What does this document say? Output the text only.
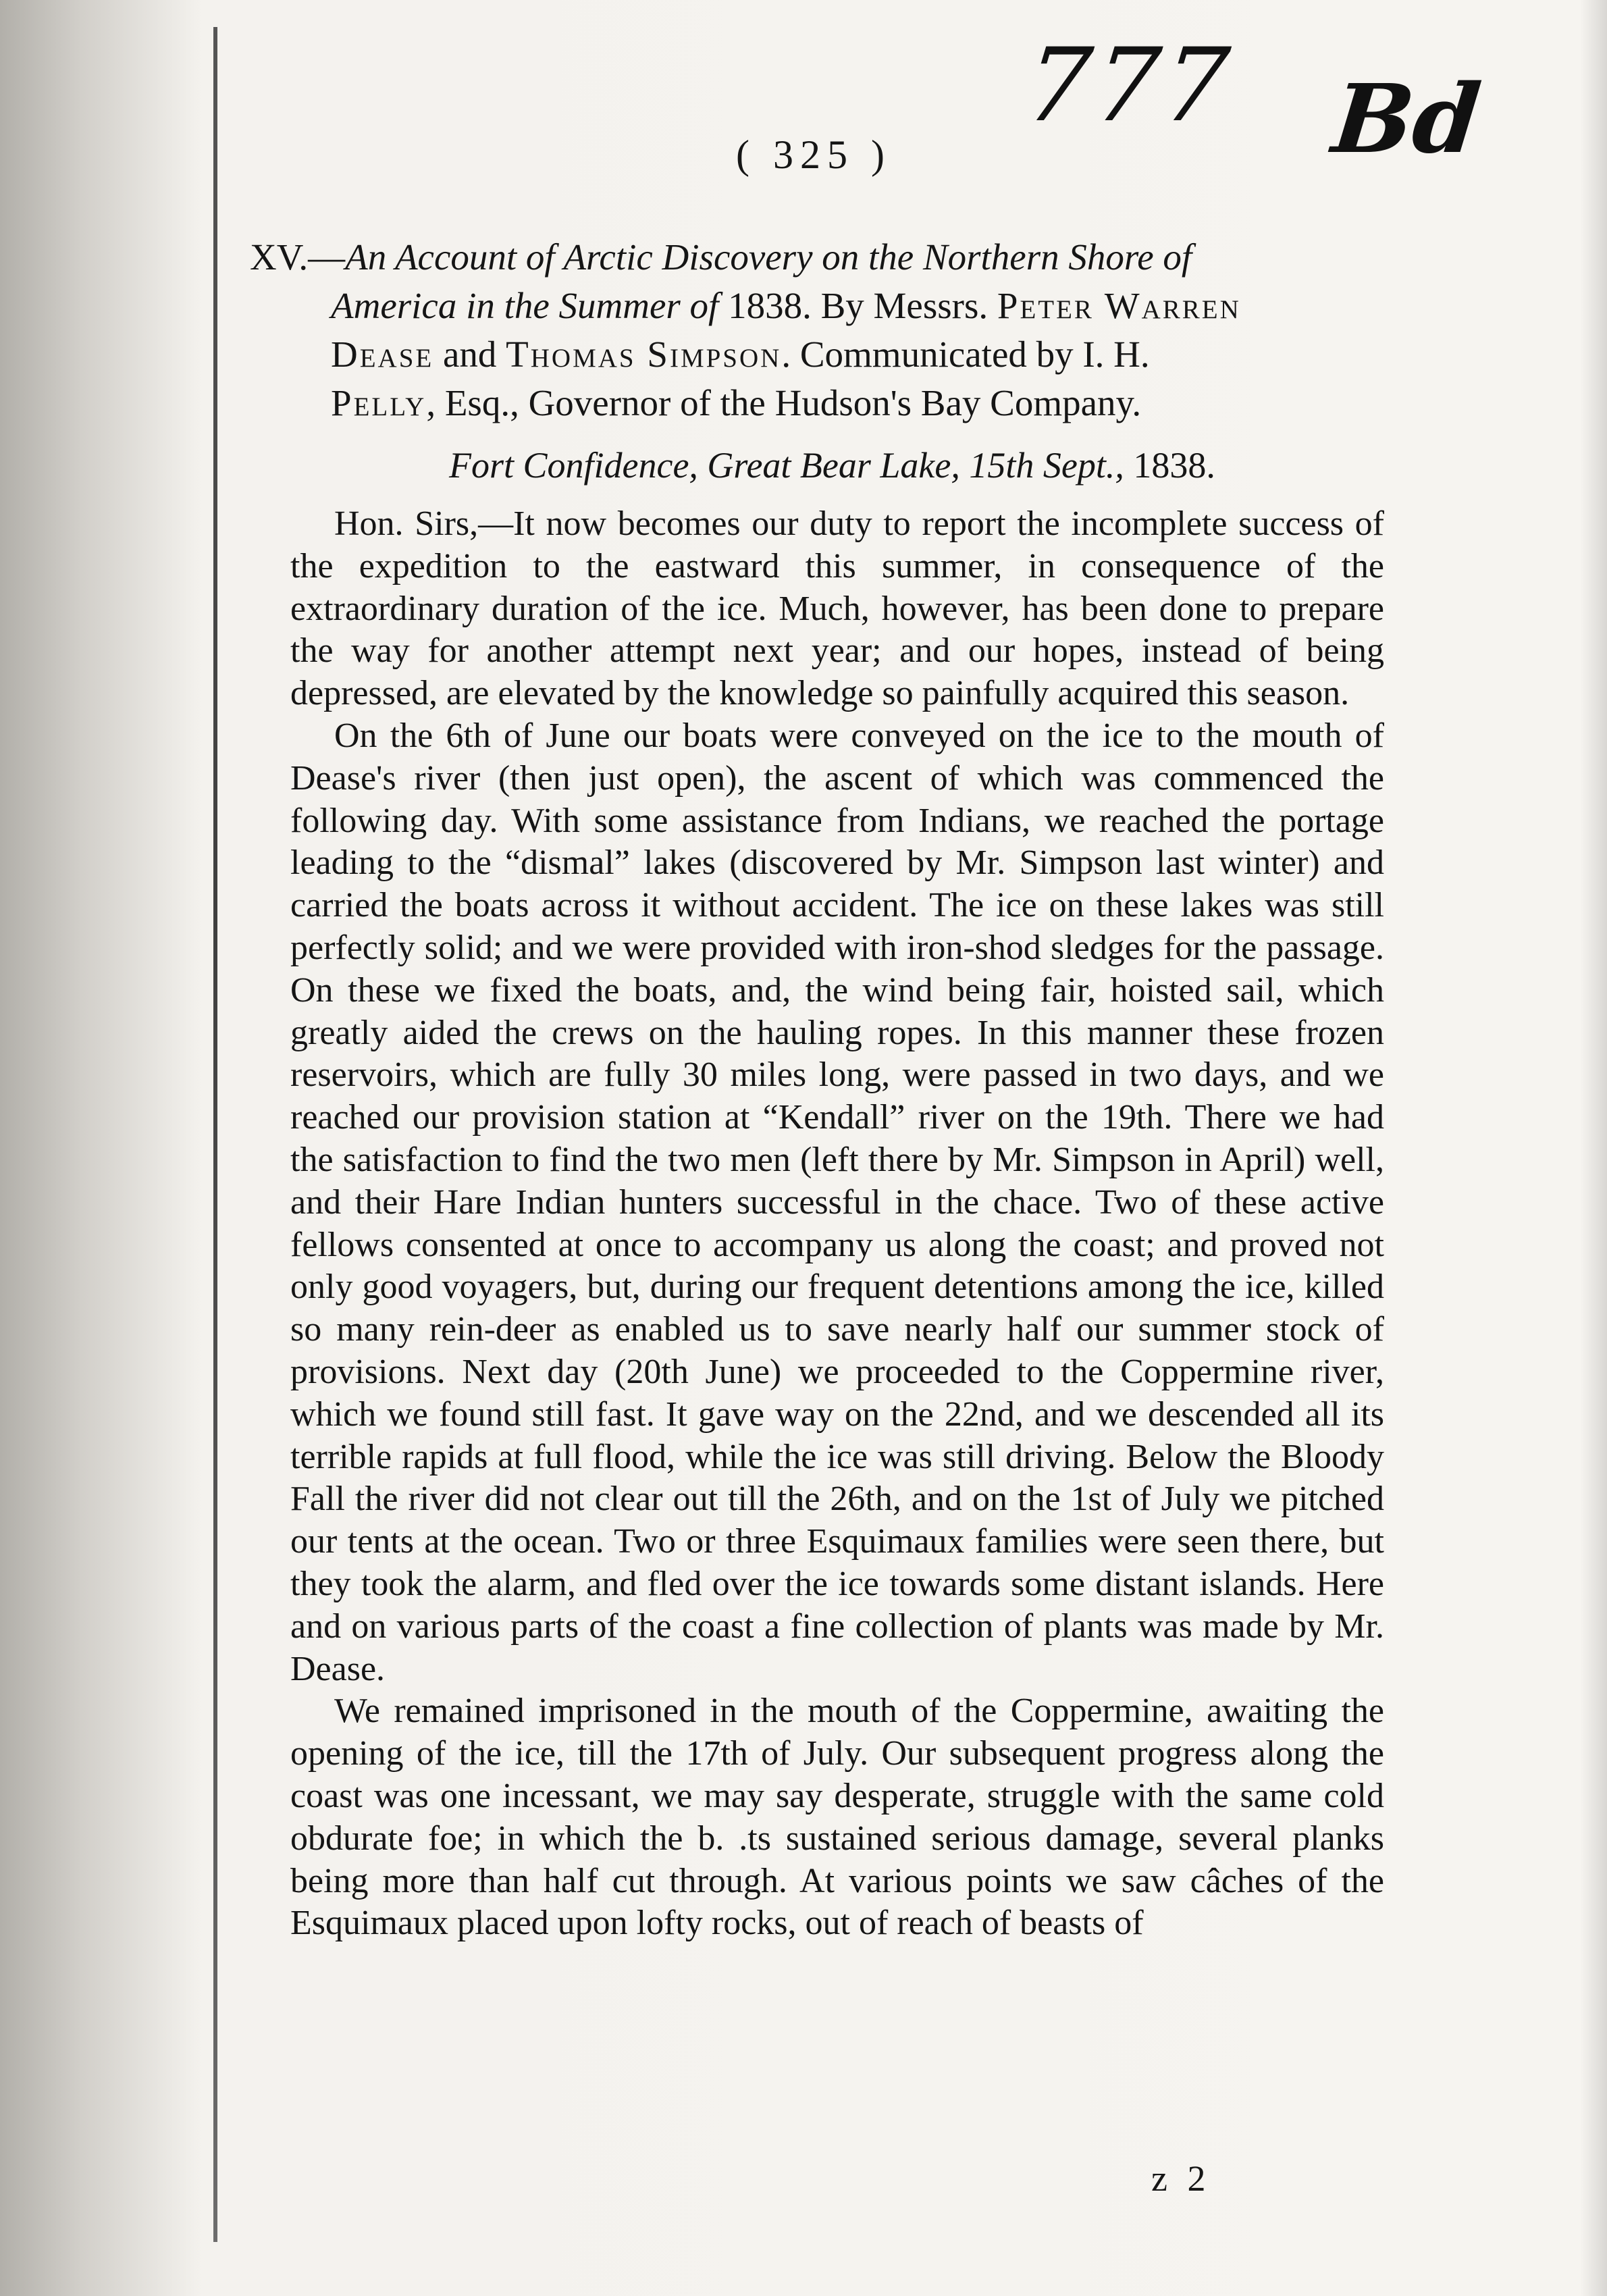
777 Bd
( 325 )
XV.—An Account of Arctic Discovery on the Northern Shore of
America in the Summer of 1838. By Messrs. Peter Warren
Dease and Thomas Simpson. Communicated by I. H.
Pelly, Esq., Governor of the Hudson's Bay Company.
Fort Confidence, Great Bear Lake, 15th Sept., 1838.

Hon. Sirs,—It now becomes our duty to report the incomplete success of the expedition to the eastward this summer, in consequence of the extraordinary duration of the ice. Much, however, has been done to prepare the way for another attempt next year; and our hopes, instead of being depressed, are elevated by the knowledge so painfully acquired this season.

On the 6th of June our boats were conveyed on the ice to the mouth of Dease's river (then just open), the ascent of which was commenced the following day. With some assistance from Indians, we reached the portage leading to the “dismal” lakes (discovered by Mr. Simpson last winter) and carried the boats across it without accident. The ice on these lakes was still perfectly solid; and we were provided with iron-shod sledges for the passage. On these we fixed the boats, and, the wind being fair, hoisted sail, which greatly aided the crews on the hauling ropes. In this manner these frozen reservoirs, which are fully 30 miles long, were passed in two days, and we reached our provision station at “Kendall” river on the 19th. There we had the satisfaction to find the two men (left there by Mr. Simpson in April) well, and their Hare Indian hunters successful in the chace. Two of these active fellows consented at once to accompany us along the coast; and proved not only good voyagers, but, during our frequent detentions among the ice, killed so many rein-deer as enabled us to save nearly half our summer stock of provisions. Next day (20th June) we proceeded to the Coppermine river, which we found still fast. It gave way on the 22nd, and we descended all its terrible rapids at full flood, while the ice was still driving. Below the Bloody Fall the river did not clear out till the 26th, and on the 1st of July we pitched our tents at the ocean. Two or three Esquimaux families were seen there, but they took the alarm, and fled over the ice towards some distant islands. Here and on various parts of the coast a fine collection of plants was made by Mr. Dease.

We remained imprisoned in the mouth of the Coppermine, awaiting the opening of the ice, till the 17th of July. Our subsequent progress along the coast was one incessant, we may say desperate, struggle with the same cold obdurate foe; in which the b. .ts sustained serious damage, several planks being more than half cut through. At various points we saw câches of the Esquimaux placed upon lofty rocks, out of reach of beasts of

z 2
